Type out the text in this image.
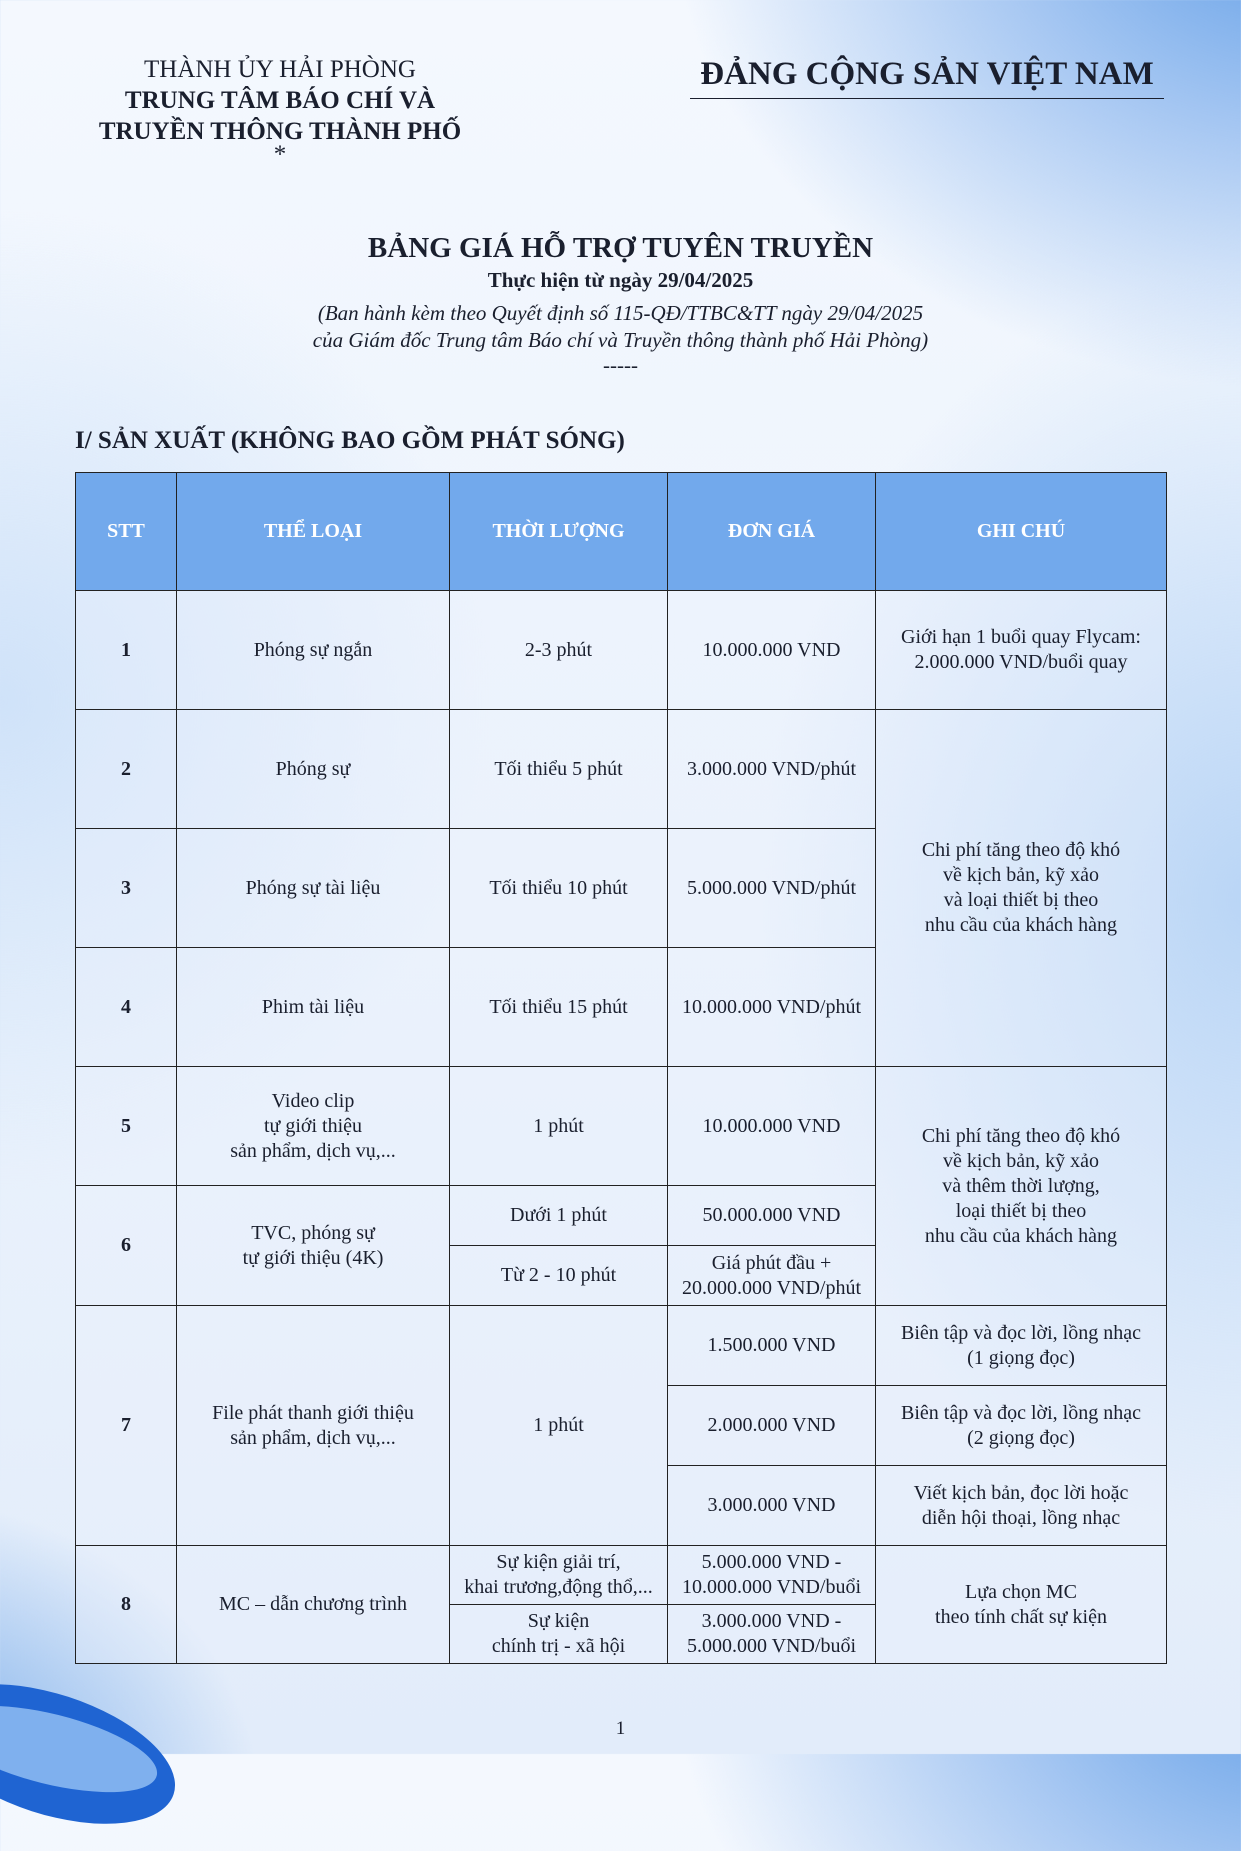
THÀNH ỦY HẢI PHÒNG
TRUNG TÂM BÁO CHÍ VÀ
TRUYỀN THÔNG THÀNH PHỐ
*
ĐẢNG CỘNG SẢN VIỆT NAM
BẢNG GIÁ HỖ TRỢ TUYÊN TRUYỀN
Thực hiện từ ngày 29/04/2025
(Ban hành kèm theo Quyết định số 115-QĐ/TTBC&TT ngày 29/04/2025
của Giám đốc Trung tâm Báo chí và Truyền thông thành phố Hải Phòng)
-----
I/ SẢN XUẤT (KHÔNG BAO GỒM PHÁT SÓNG)
STT	THỂ LOẠI	THỜI LƯỢNG	ĐƠN GIÁ	GHI CHÚ
1	Phóng sự ngắn	2-3 phút	10.000.000 VND	Giới hạn 1 buổi quay Flycam:
2.000.000 VND/buổi quay
2	Phóng sự	Tối thiểu 5 phút	3.000.000 VND/phút	Chi phí tăng theo độ khó
về kịch bản, kỹ xảo
và loại thiết bị theo
nhu cầu của khách hàng
3	Phóng sự tài liệu	Tối thiểu 10 phút	5.000.000 VND/phút	
4	Phim tài liệu	Tối thiểu 15 phút	10.000.000 VND/phút	
5	Video clip
tự giới thiệu
sản phẩm, dịch vụ,...	1 phút	10.000.000 VND	Chi phí tăng theo độ khó
về kịch bản, kỹ xảo
và thêm thời lượng,
loại thiết bị theo
nhu cầu của khách hàng
6	TVC, phóng sự
tự giới thiệu (4K)	Dưới 1 phút	50.000.000 VND	
		Từ 2 - 10 phút	Giá phút đầu +
20.000.000 VND/phút	
7	File phát thanh giới thiệu
sản phẩm, dịch vụ,...	1 phút	1.500.000 VND	Biên tập và đọc lời, lồng nhạc
(1 giọng đọc)
			2.000.000 VND	Biên tập và đọc lời, lồng nhạc
(2 giọng đọc)
			3.000.000 VND	Viết kịch bản, đọc lời hoặc
diễn hội thoại, lồng nhạc
8	MC – dẫn chương trình	Sự kiện giải trí,
khai trương,động thổ,...	5.000.000 VND -
10.000.000 VND/buổi	Lựa chọn MC
theo tính chất sự kiện
		Sự kiện
chính trị - xã hội	3.000.000 VND -
5.000.000 VND/buổi	
1
